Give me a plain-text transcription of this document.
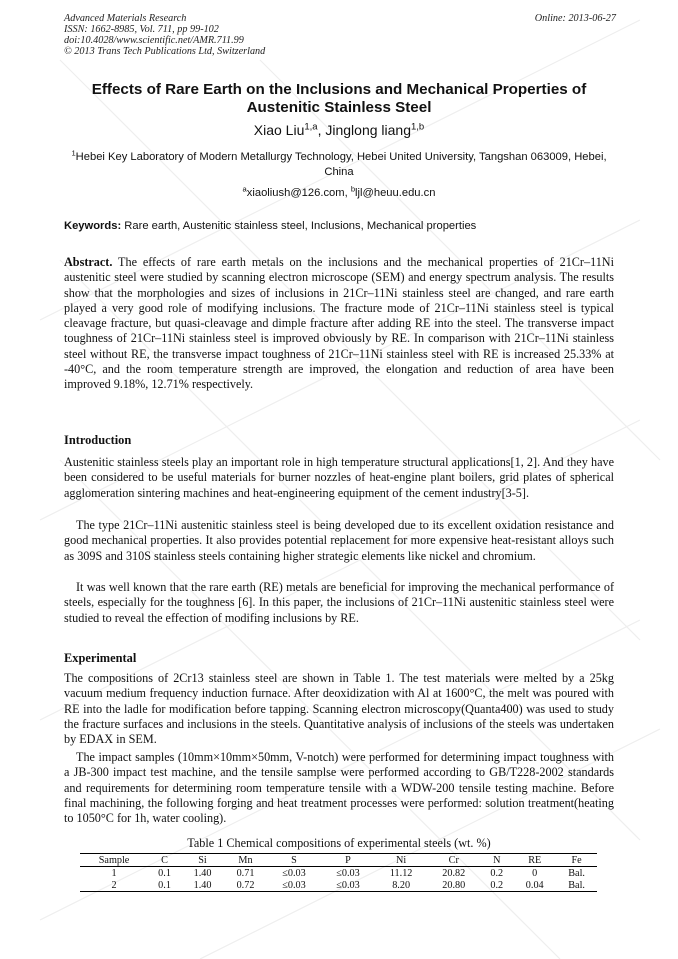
Advanced Materials Research
ISSN: 1662-8985, Vol. 711, pp 99-102
doi:10.4028/www.scientific.net/AMR.711.99
© 2013 Trans Tech Publications Ltd, Switzerland
Online: 2013-06-27
Effects of Rare Earth on the Inclusions and Mechanical Properties of Austenitic Stainless Steel
Xiao Liu$^{1,a}$, Jinglong liang$^{1,b}$
$^1$Hebei Key Laboratory of Modern Metallurgy Technology, Hebei United University, Tangshan 063009, Hebei, China
$^a$xiaoliush@126.com, $^b$ljl@heuu.edu.cn
Keywords: Rare earth, Austenitic stainless steel, Inclusions, Mechanical properties
Abstract. The effects of rare earth metals on the inclusions and the mechanical properties of 21Cr–11Ni austenitic steel were studied by scanning electron microscope (SEM) and energy spectrum analysis. The results show that the morphologies and sizes of inclusions in 21Cr–11Ni stainless steel are changed, and rare earth played a very good role of modifying inclusions. The fracture mode of 21Cr–11Ni stainless steel is typical cleavage fracture, but quasi-cleavage and dimple fracture after adding RE into the steel. The transverse impact toughness of 21Cr–11Ni stainless steel is improved obviously by RE. In comparison with 21Cr–11Ni stainless steel without RE, the transverse impact toughness of 21Cr–11Ni stainless steel with RE is increased 25.33% at -40°C, and the room temperature strength are improved, the elongation and reduction of area have been improved 9.18%, 12.71% respectively.
Introduction
Austenitic stainless steels play an important role in high temperature structural applications[1, 2]. And they have been considered to be useful materials for burner nozzles of heat-engine plant boilers, grid plates of spherical agglomeration sintering machines and heat-engineering equipment of the cement industry[3-5].
The type 21Cr–11Ni austenitic stainless steel is being developed due to its excellent oxidation resistance and good mechanical properties. It also provides potential replacement for more expensive heat-resistant alloys such as 309S and 310S stainless steels containing higher strategic elements like nickel and chromium.
It was well known that the rare earth (RE) metals are beneficial for improving the mechanical performance of steels, especially for the toughness [6]. In this paper, the inclusions of 21Cr–11Ni austenitic stainless steel were studied to reveal the effection of modifing inclusions by RE.
Experimental
The compositions of 2Cr13 stainless steel are shown in Table 1. The test materials were melted by a 25kg vacuum medium frequency induction furnace. After deoxidization with Al at 1600°C, the melt was poured with RE into the ladle for modification before tapping. Scanning electron microscopy(Quanta400) was used to study the fracture surfaces and inclusions in the steels. Quantitative analysis of inclusions of the steels was undertaken by EDAX in SEM.
The impact samples (10mm×10mm×50mm, V-notch) were performed for determining impact toughness with a JB-300 impact test machine, and the tensile samplse were performed according to GB/T228-2002 standards and requirements for determining room temperature tensile with a WDW-200 tensile testing machine. Before final machining, the following forging and heat treatment processes were performed: solution treatment(heating to 1050°C for 1h, water cooling).
Table 1 Chemical compositions of experimental steels (wt. %)
Sample	C	Si	Mn	S	P	Ni	Cr	N	RE	Fe
1	0.1	1.40	0.71	≤0.03	≤0.03	11.12	20.82	0.2	0	Bal.
2	0.1	1.40	0.72	≤0.03	≤0.03	8.20	20.80	0.2	0.04	Bal.
